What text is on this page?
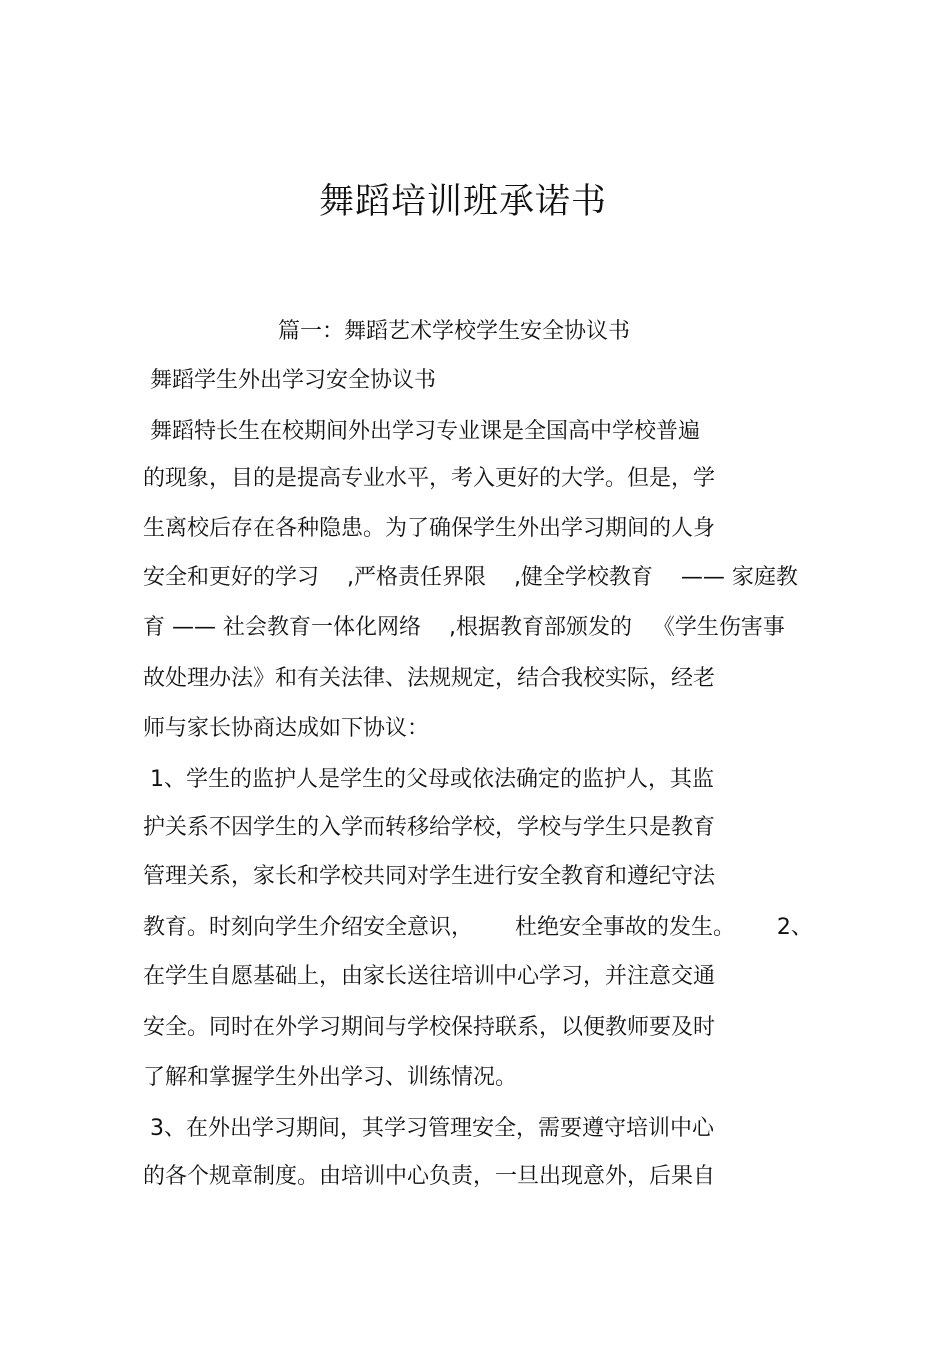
舞蹈培训班承诺书

篇一：舞蹈艺术学校学生安全协议书

舞蹈学生外出学习安全协议书

舞蹈特长生在校期间外出学习专业课是全国高中学校普遍

的现象，目的是提高专业水平，考入更好的大学。但是，学

生离校后存在各种隐患。为了确保学生外出学习期间的人身

安全和更好的学习    ,严格责任界限    ,健全学校教育    —— 家庭教

育 —— 社会教育一体化网络    ,根据教育部颁发的   《学生伤害事

故处理办法》和有关法律、法规规定，结合我校实际，经老

师与家长协商达成如下协议：

1、学生的监护人是学生的父母或依法确定的监护人，其监

护关系不因学生的入学而转移给学校，学校与学生只是教育

管理关系，家长和学校共同对学生进行安全教育和遵纪守法

教育。时刻向学生介绍安全意识，      杜绝安全事故的发生。      2、

在学生自愿基础上，由家长送往培训中心学习，并注意交通

安全。同时在外学习期间与学校保持联系，以便教师要及时

了解和掌握学生外出学习、训练情况。

3、在外出学习期间，其学习管理安全，需要遵守培训中心

的各个规章制度。由培训中心负责，一旦出现意外，后果自
